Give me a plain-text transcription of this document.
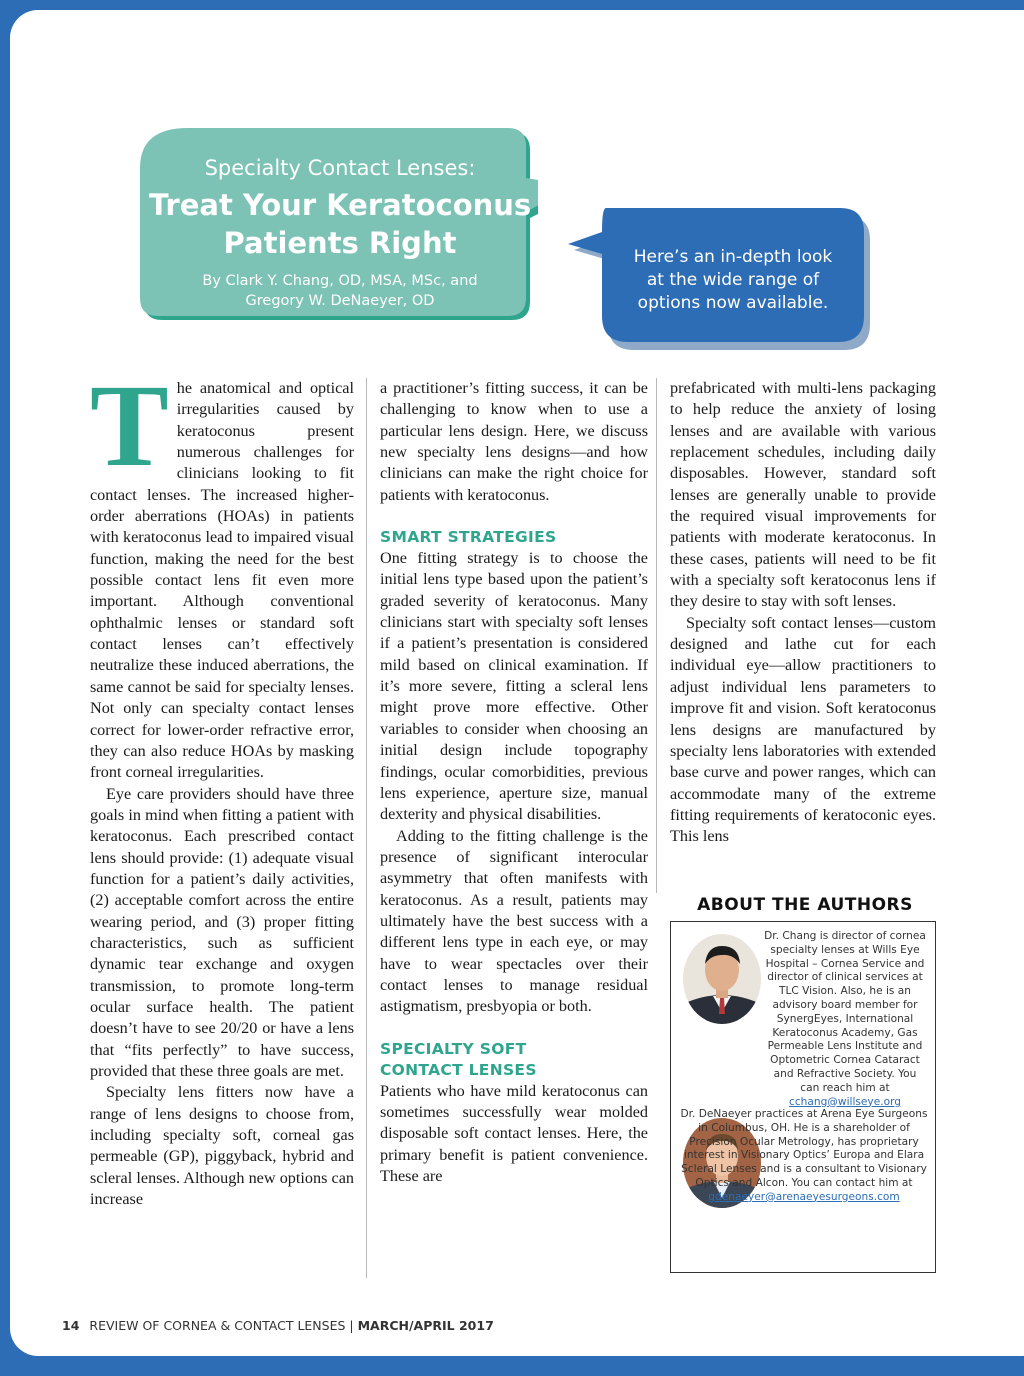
Specialty Contact Lenses:
Treat Your Keratoconus
Patients Right
By Clark Y. Chang, OD, MSA, MSc, and
Gregory W. DeNaeyer, OD
Here’s an in-depth look
at the wide range of
options now available.

The anatomical and optical irregularities caused by keratoconus present numerous challenges for clinicians looking to fit contact lenses. The increased higher-order aberrations (HOAs) in patients with keratoconus lead to impaired visual function, making the need for the best possible contact lens fit even more important. Although conventional ophthalmic lenses or standard soft contact lenses can’t effectively neutralize these induced aberrations, the same cannot be said for specialty lenses. Not only can specialty contact lenses correct for lower-order refractive error, they can also reduce HOAs by masking front corneal irregularities.

Eye care providers should have three goals in mind when fitting a patient with keratoconus. Each prescribed contact lens should provide: (1) adequate visual function for a patient’s daily activities, (2) acceptable comfort across the entire wearing period, and (3) proper fitting characteristics, such as sufficient dynamic tear exchange and oxygen transmission, to promote long-term ocular surface health. The patient doesn’t have to see 20/20 or have a lens that “fits perfectly” to have success, provided that these three goals are met.

Specialty lens fitters now have a range of lens designs to choose from, including specialty soft, corneal gas permeable (GP), piggyback, hybrid and scleral lenses. Although new options can increase

a practitioner’s fitting success, it can be challenging to know when to use a particular lens design. Here, we discuss new specialty lens designs—and how clinicians can make the right choice for patients with keratoconus.

SMART STRATEGIES

One fitting strategy is to choose the initial lens type based upon the patient’s graded severity of keratoconus. Many clinicians start with specialty soft lenses if a patient’s presentation is considered mild based on clinical examination. If it’s more severe, fitting a scleral lens might prove more effective. Other variables to consider when choosing an initial design include topography findings, ocular comorbidities, previous lens experience, aperture size, manual dexterity and physical disabilities.

Adding to the fitting challenge is the presence of significant interocular asymmetry that often manifests with keratoconus. As a result, patients may ultimately have the best success with a different lens type in each eye, or may have to wear spectacles over their contact lenses to manage residual astigmatism, presbyopia or both.

SPECIALTY SOFT
CONTACT LENSES

Patients who have mild keratoconus can sometimes successfully wear molded disposable soft contact lenses. Here, the primary benefit is patient convenience. These are

prefabricated with multi-lens packaging to help reduce the anxiety of losing lenses and are available with various replacement schedules, including daily disposables. However, standard soft lenses are generally unable to provide the required visual improvements for patients with moderate keratoconus. In these cases, patients will need to be fit with a specialty soft keratoconus lens if they desire to stay with soft lenses.

Specialty soft contact lenses—custom designed and lathe cut for each individual eye—allow practitioners to adjust individual lens parameters to improve fit and vision. Soft keratoconus lens designs are manufactured by specialty lens laboratories with extended base curve and power ranges, which can accommodate many of the extreme fitting requirements of keratoconic eyes. This lens

ABOUT THE AUTHORS
Dr. Chang is director of cornea specialty lenses at Wills Eye Hospital – Cornea Service and director of clinical services at TLC Vision. Also, he is an advisory board member for SynergEyes, International Keratoconus Academy, Gas Permeable Lens Institute and Optometric Cornea Cataract and Refractive Society. You can reach him at cchang@willseye.org
Dr. DeNaeyer practices at Arena Eye Surgeons in Columbus, OH. He is a shareholder of Precision Ocular Metrology, has proprietary interest in Visionary Optics’ Europa and Elara Scleral Lenses and is a consultant to Visionary Optics and Alcon. You can contact him at gdenaeyer@arenaeyesurgeons.com
14 REVIEW OF CORNEA & CONTACT LENSES | MARCH/APRIL 2017
